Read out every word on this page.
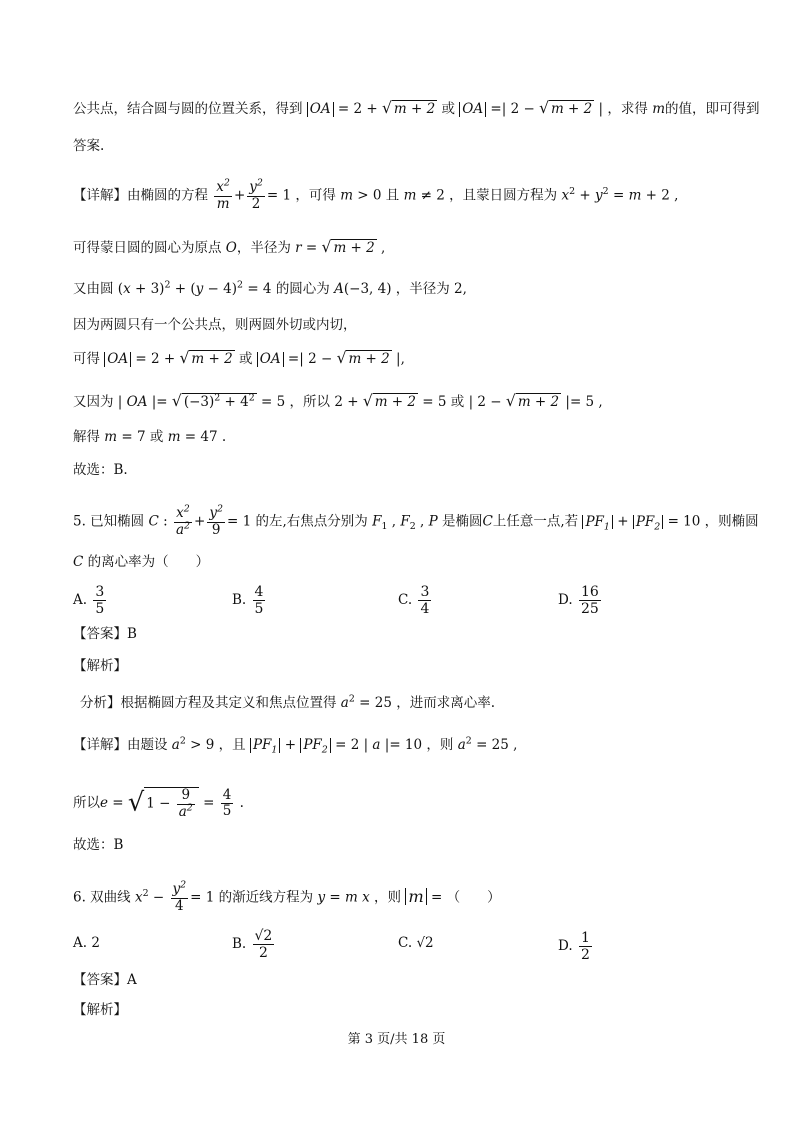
公共点，结合圆与圆的位置关系，得到 OA = 2 + √ m + 2 或 OA =| 2 − √ m + 2 | ，求得 m的值，即可得到
答案.
【详解】由椭圆的方程 $\frac{x^2}{m} + \frac{y^2}{2} = 1$ ，可得 m > 0 且 m ≠ 2 ，且蒙日圆方程为 $x^2 + y^2 = m + 2$ ,
可得蒙日圆的圆心为原点 O，半径为 r = √ m + 2 ,
又由圆 $(x + 3)^2 + (y - 4)^2 = 4$ 的圆心为 A(−3, 4) ，半径为 2,
因为两圆只有一个公共点，则两圆外切或内切，
可得 OA = 2 + √ m + 2 或 OA =| 2 − √ m + 2 |,
又因为 | OA |= √ $(-3)^2 + 4^2 = 5$ ，所以 2 + √ m + 2 = 5 或 | 2 − √ m + 2 |= 5 ,
解得 m = 7 或 m = 47 .
故选：B.
5. 已知椭圆 C : $\frac{x^2}{a^2} + \frac{y^2}{9} = 1$ 的左,右焦点分别为 $F_1$ , $F_2$ , P 是椭圆C上任意一点,若 $PF_1 + PF_2 = 10$ ，则椭圆
C 的离心率为（　　）
A. $\frac{3}{5}$	B. $\frac{4}{5}$	C. $\frac{3}{4}$	D. $\frac{16}{25}$
【答案】B
【解析】
分析】根据椭圆方程及其定义和焦点位置得 $a^2 = 25$ ，进而求离心率.
【详解】由题设 $a^2 > 9$ ，且 $PF_1 + PF_2 = 2$ | a |= 10 ，则 $a^2 = 25$ ,
所以e = √ $1 - \frac{9}{a^2} = \frac{4}{5}$ .
故选：B
6. 双曲线 $x^2 - \frac{y^2}{4} = 1$ 的渐近线方程为 y = m x ，则 m = （　　）
A. 2	B. $\frac{√2}{2}$	C. √2	D. $\frac{1}{2}$
【答案】A
【解析】
第 3 页/共 18 页
